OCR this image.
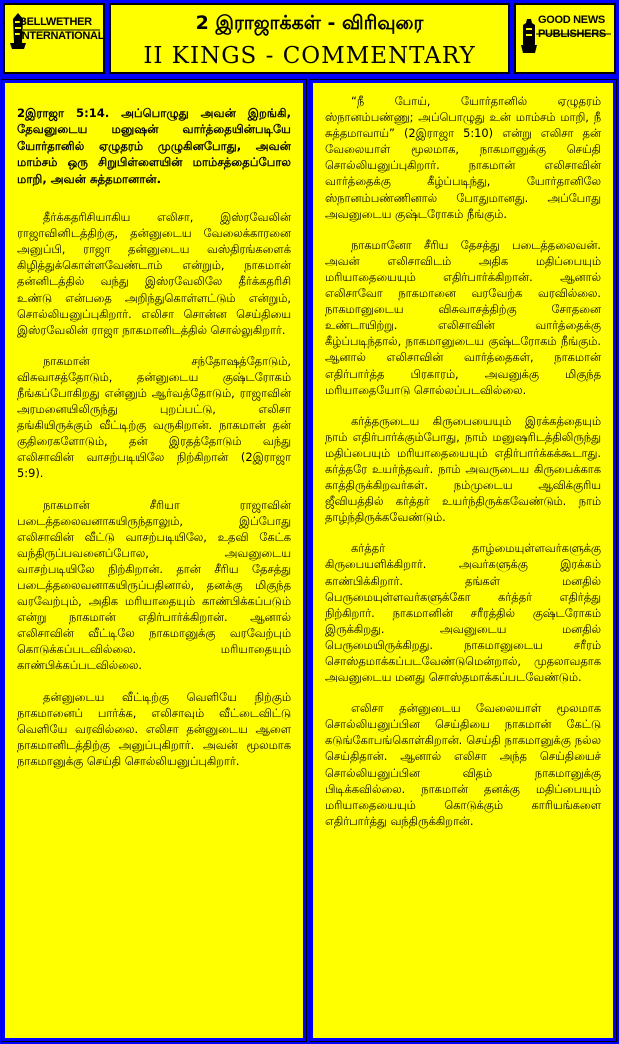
BELLWETHER
INTERNATIONAL
2 இராஜாக்கள் - விரிவுரை
II KINGS - COMMENTARY
GOOD NEWS
PUBLISHERS

2இராஜா 5:14. அப்பொழுது அவன் இறங்கி, தேவனுடைய மனுஷன் வார்த்தையின்படியே யோர்தானில் ஏழுதரம் முழுகினபோது, அவன் மாம்சம் ஒரு சிறுபிள்ளையின் மாம்சத்தைப்போல மாறி, அவன் சுத்தமானான்.

தீர்க்கதரிசியாகிய எலிசா, இஸ்ரவேலின் ராஜாவினிடத்திற்கு, தன்னுடைய வேலைக்காரனை அனுப்பி, ராஜா தன்னுடைய வஸ்திரங்களைக் கிழித்துக்கொள்ளவேண்டாம் என்றும், நாகமான் தன்னிடத்தில் வந்து இஸ்ரவேலிலே தீர்க்கதரிசி உண்டு என்பதை அறிந்துகொள்ளட்டும் என்றும், சொல்லியனுப்புகிறார். எலிசா சொன்ன செய்தியை இஸ்ரவேலின் ராஜா நாகமானிடத்தில் சொல்லுகிறார்.

நாகமான் சந்தோஷத்தோடும், விசுவாசத்தோடும், தன்னுடைய குஷ்டரோகம் நீங்கப்போகிறது என்னும் ஆர்வத்தோடும், ராஜாவின் அரமனையிலிருந்து புறப்பட்டு, எலிசா தங்கியிருக்கும் வீட்டிற்கு வருகிறான். நாகமான் தன் குதிரைகளோடும், தன் இரதத்தோடும் வந்து எலிசாவின் வாசற்படியிலே நிற்கிறான் (2இராஜா 5:9).

நாகமான் சீரியா ராஜாவின் படைத்தலைவனாகயிருந்தாலும், இப்போது எலிசாவின் வீட்டு வாசற்படியிலே, உதவி கேட்க வந்திருப்பவனைப்போல, அவனுடைய வாசற்படியிலே நிற்கிறான். தான் சீரிய தேசத்து படைத்தலைவனாகயிருப்பதினால், தனக்கு மிகுந்த வரவேற்பும், அதிக மரியாதையும் காண்பிக்கப்படும் என்று நாகமான் எதிர்பார்க்கிறான். ஆனால் எலிசாவின் வீட்டிலே நாகமானுக்கு வரவேற்பும் கொடுக்கப்படவில்லை. மரியாதையும் காண்பிக்கப்படவில்லை.

தன்னுடைய வீட்டிற்கு வெளியே நிற்கும் நாகமானைப் பார்க்க, எலிசாவும் வீட்டைவிட்டு வெளியே வரவில்லை. எலிசா தன்னுடைய ஆளை நாகமானிடத்திற்கு அனுப்புகிறார். அவன் மூலமாக நாகமானுக்கு செய்தி சொல்லியனுப்புகிறார்.

“நீ போய், யோர்தானில் ஏழுதரம் ஸ்நானம்பண்ணு; அப்பொழுது உன் மாம்சம் மாறி, நீ சுத்தமாவாய்” (2இராஜா 5:10) என்று எலிசா தன் வேலையாள் மூலமாக, நாகமானுக்கு செய்தி சொல்லியனுப்புகிறார். நாகமான் எலிசாவின் வார்த்தைக்கு கீழ்ப்படிந்து, யோர்தானிலே ஸ்நானம்பண்ணினால் போதுமானது. அப்போது அவனுடைய குஷ்டரோகம் நீங்கும்.

நாகமானோ சீரிய தேசத்து படைத்தலைவன். அவன் எலிசாவிடம் அதிக மதிப்பையும் மரியாதையையும் எதிர்பார்க்கிறான். ஆனால் எலிசாவோ நாகமானை வரவேற்க வரவில்லை. நாகமானுடைய விசுவாசத்திற்கு சோதனை உண்டாயிற்று. எலிசாவின் வார்த்தைக்கு கீழ்ப்படிந்தால், நாகமானுடைய குஷ்டரோகம் நீங்கும். ஆனால் எலிசாவின் வார்த்தைகள், நாகமான் எதிர்பார்த்த பிரகாரம், அவனுக்கு மிகுந்த மரியாதையோடு சொல்லப்படவில்லை.

கர்த்தருடைய கிருபையையும் இரக்கத்தையும் நாம் எதிர்பார்க்கும்போது, நாம் மனுஷரிடத்திலிருந்து மதிப்பையும் மரியாதையையும் எதிர்பார்க்கக்கூடாது. கர்த்தரே உயர்ந்தவர். நாம் அவருடைய கிருபைக்காக காத்திருக்கிறவர்கள். நம்முடைய ஆவிக்குரிய ஜீவியத்தில் கர்த்தர் உயர்ந்திருக்கவேண்டும். நாம் தாழ்ந்திருக்கவேண்டும்.

கர்த்தர் தாழ்மையுள்ளவர்களுக்கு கிருபையளிக்கிறார். அவர்களுக்கு இரக்கம் காண்பிக்கிறார். தங்கள் மனதில் பெருமையுள்ளவர்களுக்கோ கர்த்தர் எதிர்த்து நிற்கிறார். நாகமானின் சரீரத்தில் குஷ்டரோகம் இருக்கிறது. அவனுடைய மனதில் பெருமையிருக்கிறது. நாகமானுடைய சரீரம் சொஸ்தமாக்கப்படவேண்டுமென்றால், முதலாவதாக அவனுடைய மனது சொஸ்தமாக்கப்படவேண்டும்.

எலிசா தன்னுடைய வேலையாள் மூலமாக சொல்லியனுப்பின செய்தியை நாகமான் கேட்டு கடுங்கோபங்கொள்கிறான். செய்தி நாகமானுக்கு நல்ல செய்திதான். ஆனால் எலிசா அந்த செய்தியைச் சொல்லியனுப்பின விதம் நாகமானுக்கு பிடிக்கவில்லை. நாகமான் தனக்கு மதிப்பையும் மரியாதையையும் கொடுக்கும் காரியங்களை எதிர்பார்த்து வந்திருக்கிறான்.
